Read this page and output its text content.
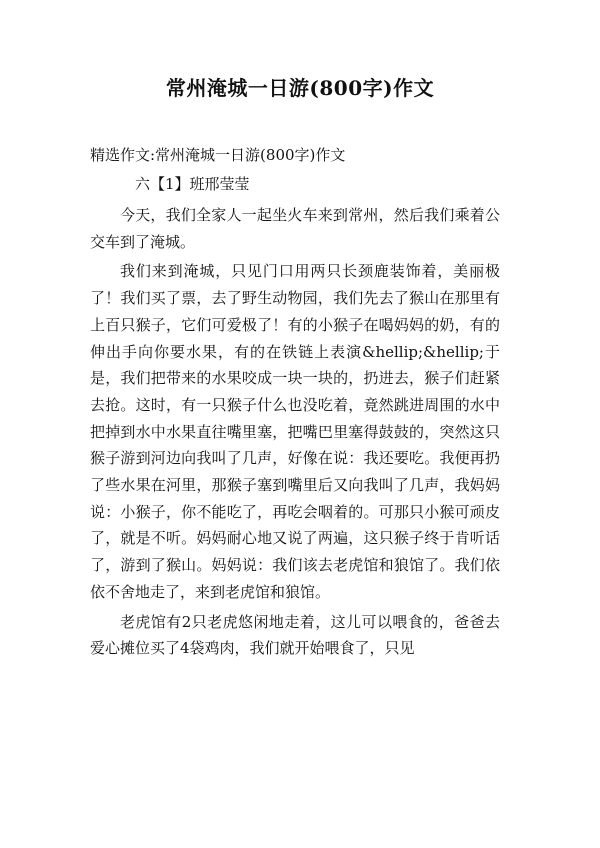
常州淹城一日游(800字)作文
精选作文:常州淹城一日游(800字)作文
六【1】班邢莹莹

今天，我们全家人一起坐火车来到常州，然后我们乘着公交车到了淹城。

我们来到淹城，只见门口用两只长颈鹿装饰着，美丽极了！我们买了票，去了野生动物园，我们先去了猴山在那里有上百只猴子，它们可爱极了！有的小猴子在喝妈妈的奶，有的伸出手向你要水果，有的在铁链上表演&hellip;&hellip;于是，我们把带来的水果咬成一块一块的，扔进去，猴子们赶紧去抢。这时，有一只猴子什么也没吃着，竟然跳进周围的水中把掉到水中水果直往嘴里塞，把嘴巴里塞得鼓鼓的，突然这只猴子游到河边向我叫了几声，好像在说：我还要吃。我便再扔了些水果在河里，那猴子塞到嘴里后又向我叫了几声，我妈妈说：小猴子，你不能吃了，再吃会咽着的。可那只小猴可顽皮了，就是不听。妈妈耐心地又说了两遍，这只猴子终于肯听话了，游到了猴山。妈妈说：我们该去老虎馆和狼馆了。我们依依不舍地走了，来到老虎馆和狼馆。

老虎馆有2只老虎悠闲地走着，这儿可以喂食的，爸爸去爱心摊位买了4袋鸡肉，我们就开始喂食了，只见
